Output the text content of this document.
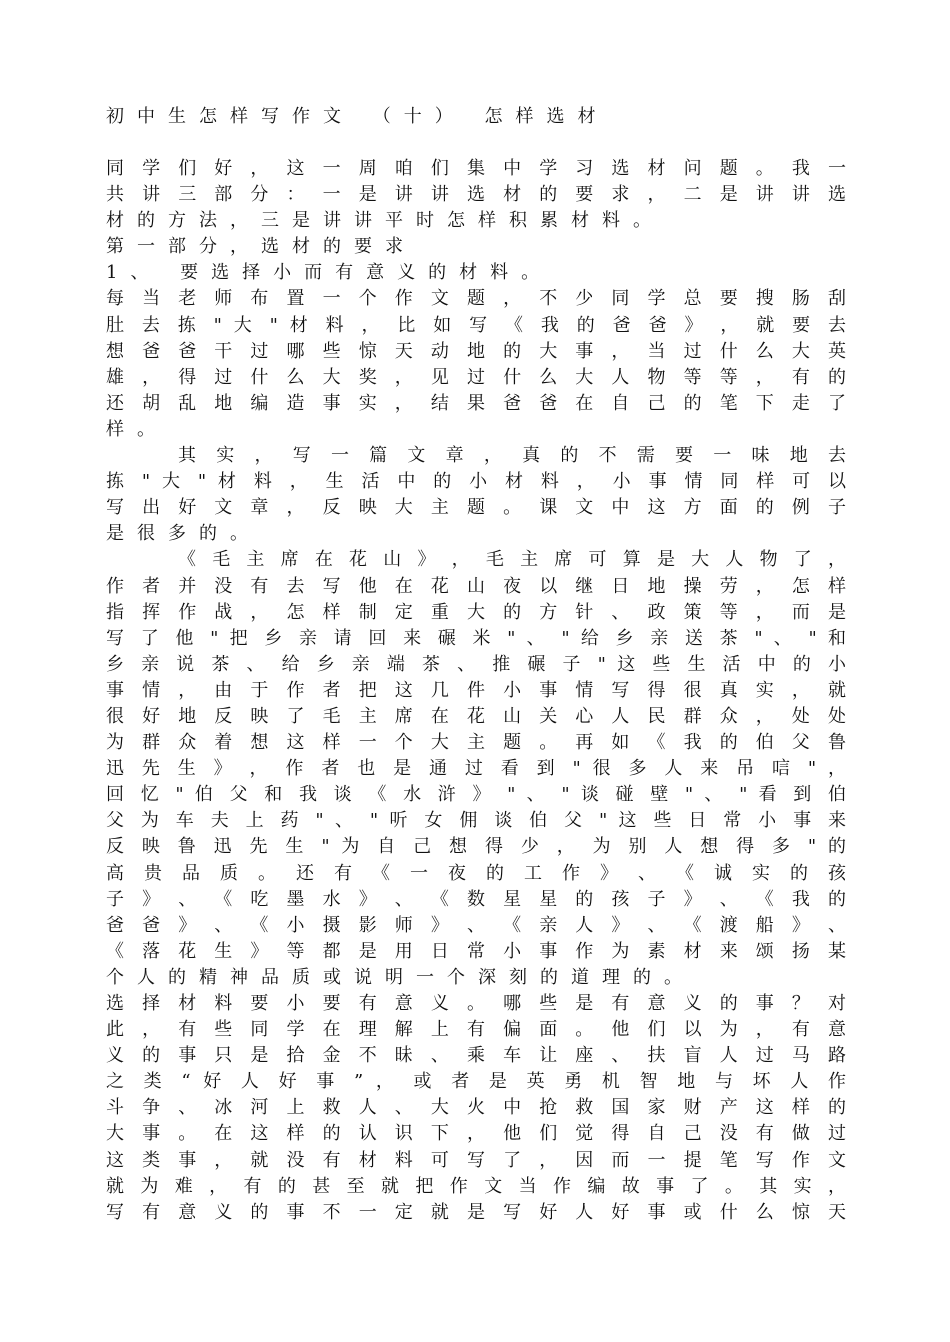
初中生怎样写作文 （十） 怎样选材
同 学 们 好 ， 这 一 周 咱 们 集 中 学 习 选 材 问 题 。 我 一
共 讲 三 部 分 ： 一 是 讲 讲 选 材 的 要 求 ， 二 是 讲 讲 选
材的方法，三是讲讲平时怎样积累材料。
第一部分，选材的要求
1、 要选择小而有意义的材料。
每 当 老 师 布 置 一 个 作 文 题 ， 不 少 同 学 总 要 搜 肠 刮
肚 去 拣 " 大 " 材 料 ， 比 如 写 《 我 的 爸 爸 》 ， 就 要 去
想 爸 爸 干 过 哪 些 惊 天 动 地 的 大 事 ， 当 过 什 么 大 英
雄 ， 得 过 什 么 大 奖 ， 见 过 什 么 大 人 物 等 等 ， 有 的
还 胡 乱 地 编 造 事 实 ， 结 果 爸 爸 在 自 己 的 笔 下 走 了
样。
其 实 ， 写 一 篇 文 章 ， 真 的 不 需 要 一 味 地 去
拣 " 大 " 材 料 ， 生 活 中 的 小 材 料 ， 小 事 情 同 样 可 以
写 出 好 文 章 ， 反 映 大 主 题 。 课 文 中 这 方 面 的 例 子
是很多的。
《 毛 主 席 在 花 山 》 ， 毛 主 席 可 算 是 大 人 物 了 ，
作 者 并 没 有 去 写 他 在 花 山 夜 以 继 日 地 操 劳 ， 怎 样
指 挥 作 战 ， 怎 样 制 定 重 大 的 方 针 、 政 策 等 ， 而 是
写 了 他 " 把 乡 亲 请 回 来 碾 米 " 、 " 给 乡 亲 送 茶 " 、 " 和
乡 亲 说 茶 、 给 乡 亲 端 茶 、 推 碾 子 " 这 些 生 活 中 的 小
事 情 ， 由 于 作 者 把 这 几 件 小 事 情 写 得 很 真 实 ， 就
很 好 地 反 映 了 毛 主 席 在 花 山 关 心 人 民 群 众 ， 处 处
为 群 众 着 想 这 样 一 个 大 主 题 。 再 如 《 我 的 伯 父 鲁
迅 先 生 》 ， 作 者 也 是 通 过 看 到 " 很 多 人 来 吊 唁 " ，
回 忆 " 伯 父 和 我 谈 《 水 浒 》 " 、 " 谈 碰 壁 " 、 " 看 到 伯
父 为 车 夫 上 药 " 、 " 听 女 佣 谈 伯 父 " 这 些 日 常 小 事 来
反 映 鲁 迅 先 生 " 为 自 己 想 得 少 ， 为 别 人 想 得 多 " 的
高 贵 品 质 。 还 有 《 一 夜 的 工 作 》 、 《 诚 实 的 孩
子 》 、 《 吃 墨 水 》 、 《 数 星 星 的 孩 子 》 、 《 我 的
爸 爸 》 、 《 小 摄 影 师 》 、 《 亲 人 》 、 《 渡 船 》 、
《 落 花 生 》 等 都 是 用 日 常 小 事 作 为 素 材 来 颂 扬 某
个人的精神品质或说明一个深刻的道理的。
选 择 材 料 要 小 要 有 意 义 。 哪 些 是 有 意 义 的 事 ？ 对
此 ， 有 些 同 学 在 理 解 上 有 偏 面 。 他 们 以 为 ， 有 意
义 的 事 只 是 拾 金 不 昧 、 乘 车 让 座 、 扶 盲 人 过 马 路
之 类 “ 好 人 好 事 ” ， 或 者 是 英 勇 机 智 地 与 坏 人 作
斗 争 、 冰 河 上 救 人 、 大 火 中 抢 救 国 家 财 产 这 样 的
大 事 。 在 这 样 的 认 识 下 ， 他 们 觉 得 自 己 没 有 做 过
这 类 事 ， 就 没 有 材 料 可 写 了 ， 因 而 一 提 笔 写 作 文
就 为 难 ， 有 的 甚 至 就 把 作 文 当 作 编 故 事 了 。 其 实 ，
写 有 意 义 的 事 不 一 定 就 是 写 好 人 好 事 或 什 么 惊 天
